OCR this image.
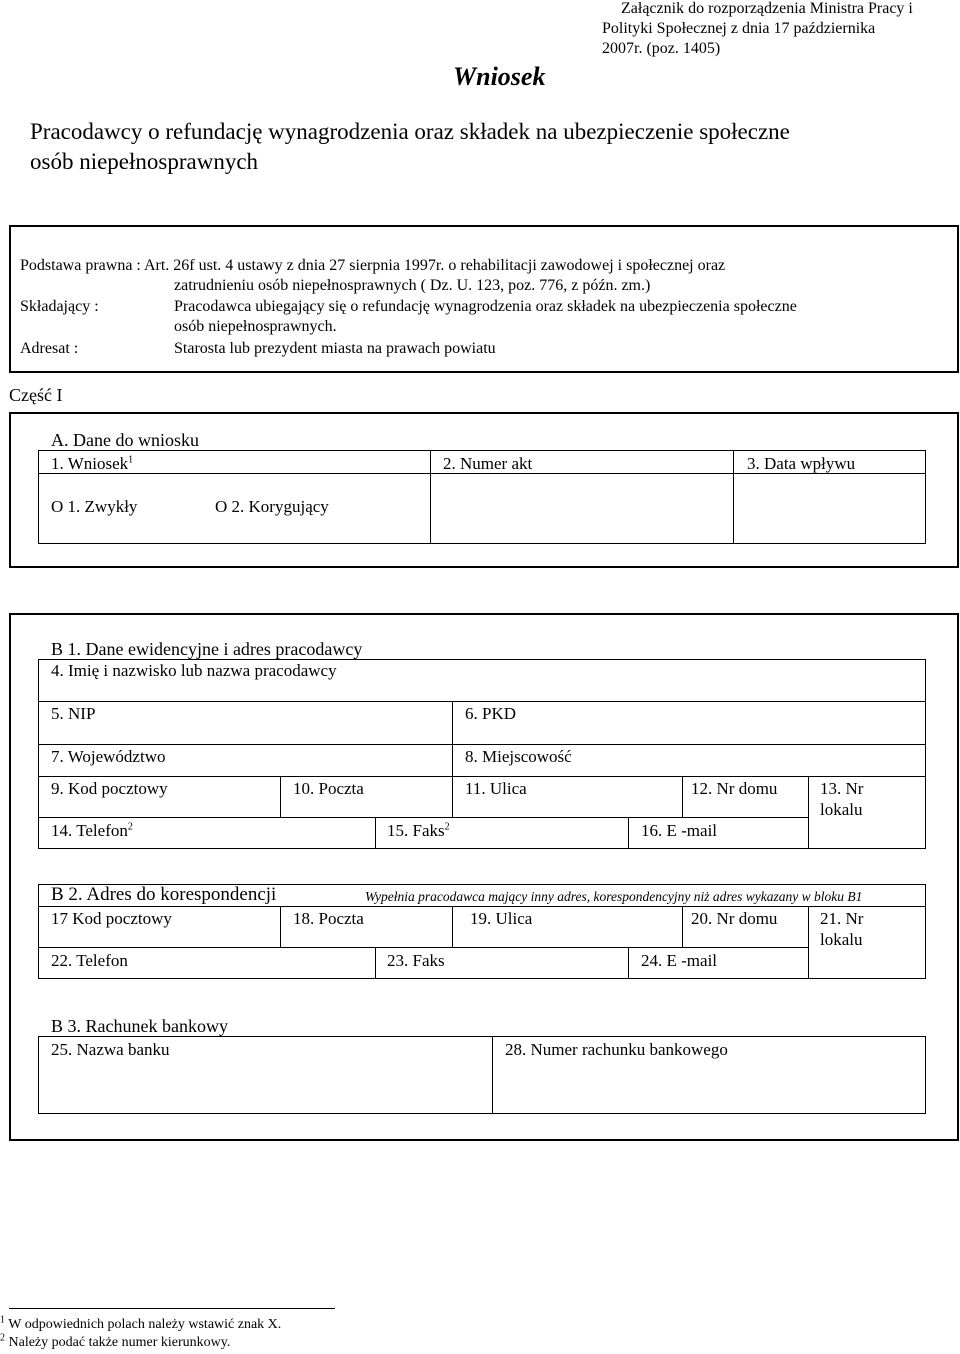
Załącznik do rozporządzenia Ministra Pracy i
Polityki Społecznej z dnia 17 października
2007r. (poz. 1405)
Wniosek
Pracodawcy o refundację wynagrodzenia oraz składek na ubezpieczenie społeczne
osób niepełnosprawnych
Podstawa prawna : Art. 26f ust. 4 ustawy z dnia 27 sierpnia 1997r. o rehabilitacji zawodowej i społecznej oraz
zatrudnieniu osób niepełnosprawnych ( Dz. U. 123, poz. 776, z późn. zm.)
Składający :	Pracodawca ubiegający się o refundację wynagrodzenia oraz składek na ubezpieczenia społeczne
osób niepełnosprawnych.
Adresat :	Starosta lub prezydent miasta na prawach powiatu
Część I
A. Dane do wniosku
1. Wniosek$^1$	2. Numer akt	3. Data wpływu
O 1. Zwykły	O 2. Korygujący
B 1. Dane ewidencyjne i adres pracodawcy
4. Imię i nazwisko lub nazwa pracodawcy
5. NIP	6. PKD
7. Województwo	8. Miejscowość
9. Kod pocztowy	10. Poczta	11. Ulica	12. Nr domu	13. Nr
lokalu
14. Telefon$^2$	15. Faks$^2$	16. E -mail
B 2. Adres do korespondencji	Wypełnia pracodawca mający inny adres, korespondencyjny niż adres wykazany w bloku B1
17 Kod pocztowy	18. Poczta	19. Ulica	20. Nr domu	21. Nr
lokalu
22. Telefon	23. Faks	24. E -mail
B 3. Rachunek bankowy
25. Nazwa banku	28. Numer rachunku bankowego
$^1$ W odpowiednich polach należy wstawić znak X.
$^2$ Należy podać także numer kierunkowy.
